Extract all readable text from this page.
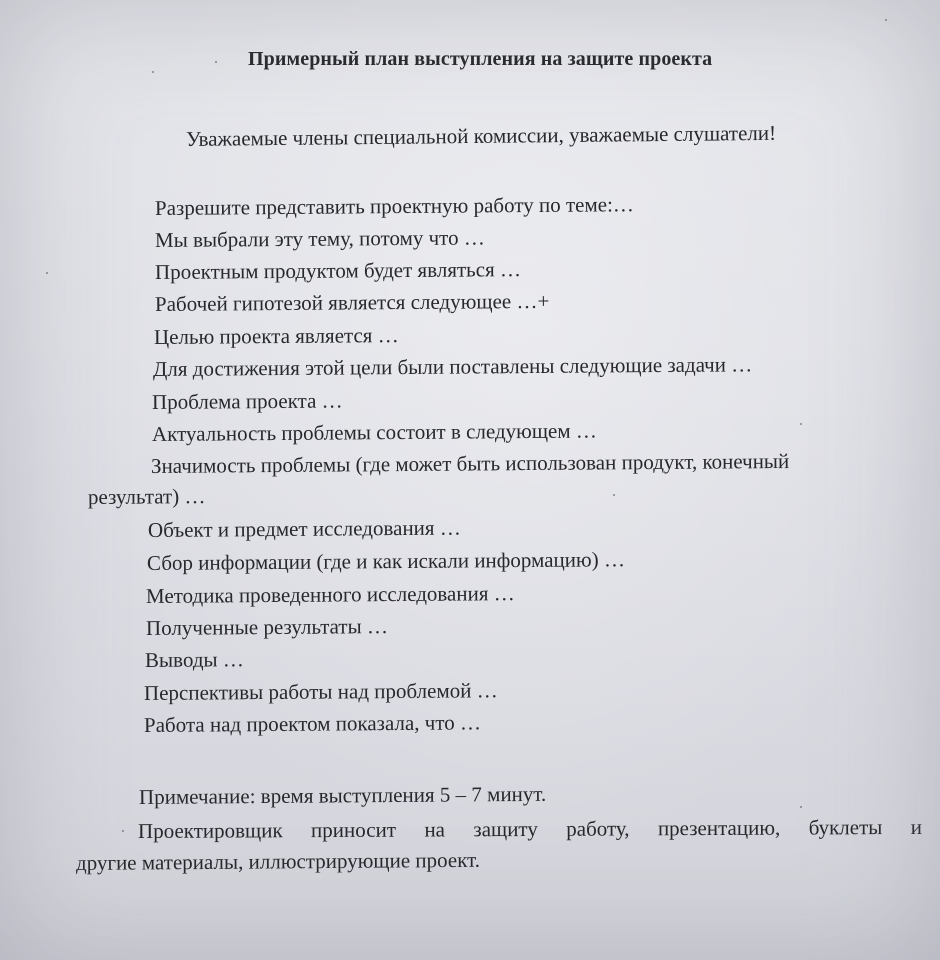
Примерный план выступления на защите проекта
Уважаемые члены специальной комиссии, уважаемые слушатели!
Разрешите представить проектную работу по теме:…
Мы выбрали эту тему, потому что …
Проектным продуктом будет являться …
Рабочей гипотезой является следующее …+
Целью проекта является …
Для достижения этой цели были поставлены следующие задачи …
Проблема проекта …
Актуальность проблемы состоит в следующем …
Значимость проблемы (где может быть использован продукт, конечный
результат) …
Объект и предмет исследования …
Сбор информации (где и как искали информацию) …
Методика проведенного исследования …
Полученные результаты …
Выводы …
Перспективы работы над проблемой …
Работа над проектом показала, что …
Примечание: время выступления 5 – 7 минут.
Проектировщик приносит на защиту работу, презентацию, буклеты и
другие материалы, иллюстрирующие проект.
